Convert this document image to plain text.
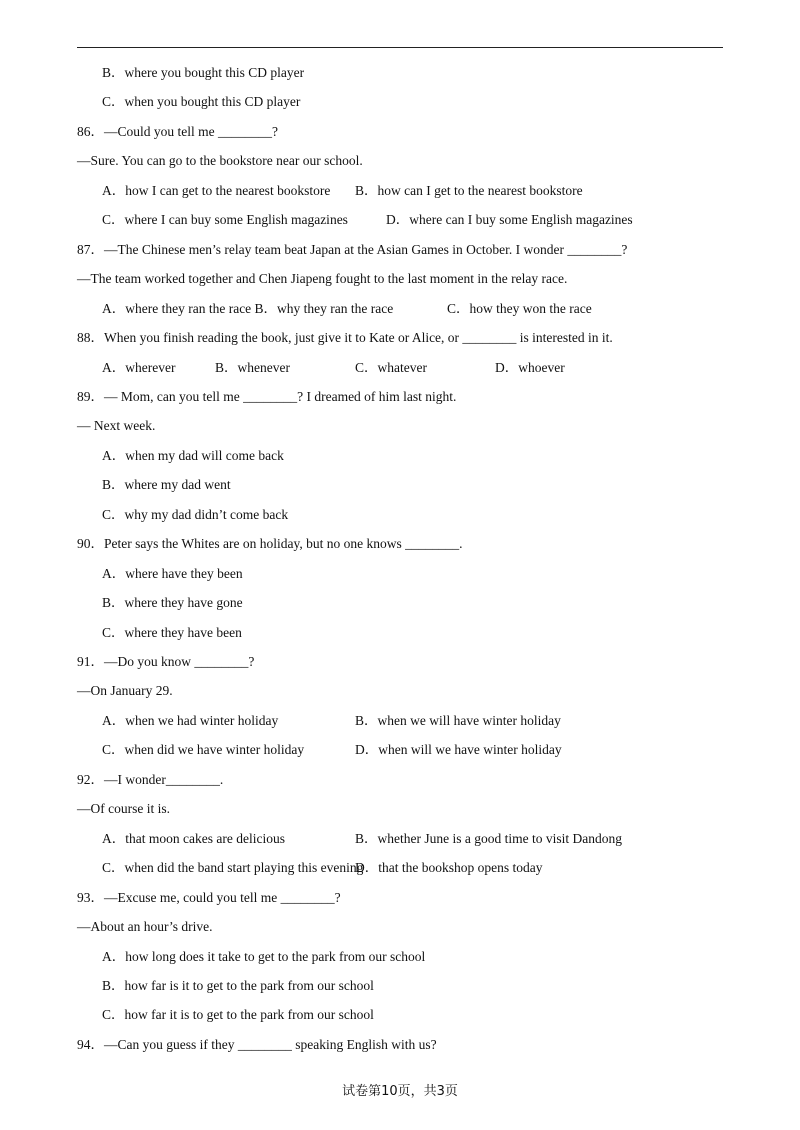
B．where you bought this CD player
C．when you bought this CD player
86．—Could you tell me ________?
—Sure. You can go to the bookstore near our school.
A．how I can get to the nearest bookstore B．how can I get to the nearest bookstore
C．where I can buy some English magazines	D．where can I buy some English magazines
87．—The Chinese men’s relay team beat Japan at the Asian Games in October. I wonder ________?
—The team worked together and Chen Jiapeng fought to the last moment in the relay race.
A．where they ran the race B．why they ran the race	C．how they won the race
88．When you finish reading the book, just give it to Kate or Alice, or ________ is interested in it.
A．wherever	B．whenever	C．whatever	D．whoever
89．— Mom, can you tell me ________? I dreamed of him last night.
— Next week.
A．when my dad will come back
B．where my dad went
C．why my dad didn’t come back
90．Peter says the Whites are on holiday, but no one knows ________.
A．where have they been
B．where they have gone
C．where they have been
91．—Do you know ________?
—On January 29.
A．when we had winter holiday	B．when we will have winter holiday
C．when did we have winter holiday	D．when will we have winter holiday
92．—I wonder________.
—Of course it is.
A．that moon cakes are delicious	B．whether June is a good time to visit Dandong
C．when did the band start playing this evening
D．that the bookshop opens today
93．—Excuse me, could you tell me ________?
—About an hour’s drive.
A．how long does it take to get to the park from our school
B．how far is it to get to the park from our school
C．how far it is to get to the park from our school
94．—Can you guess if they ________ speaking English with us?
试卷第10页，共3页
